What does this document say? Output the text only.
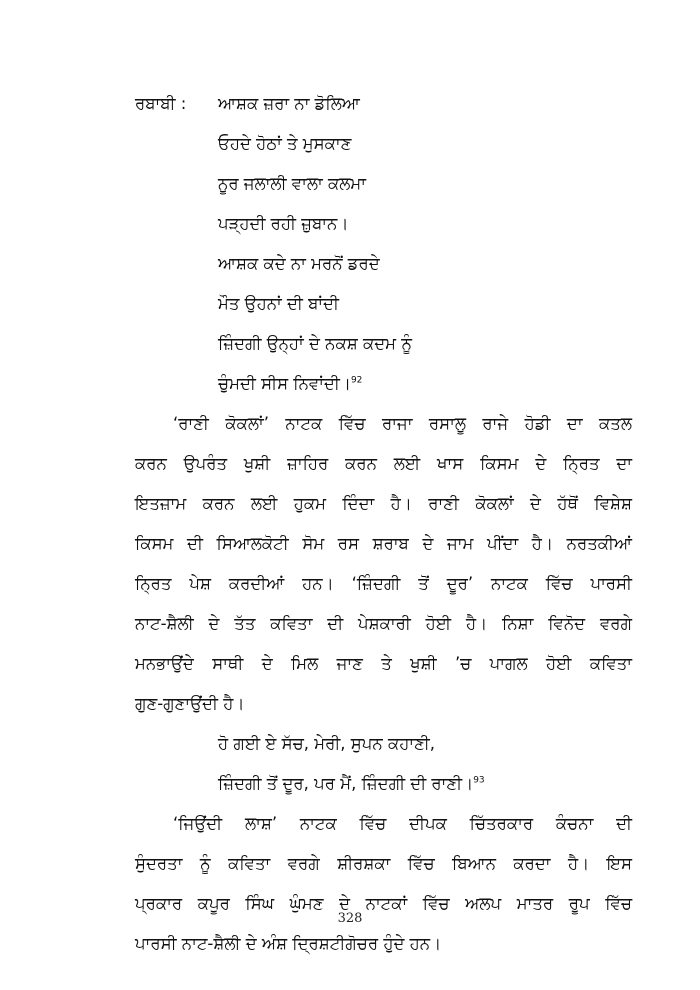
ਰਬਾਬੀ : ਆਸ਼ਕ ਜ਼ਰਾ ਨਾ ਡੋਲਿਆ
ਓਹਦੇ ਹੋਠਾਂ ਤੇ ਮੁਸਕਾਣ
ਨੂਰ ਜਲਾਲੀ ਵਾਲਾ ਕਲਮਾ
ਪੜ੍ਹਦੀ ਰਹੀ ਜ਼ੁਬਾਨ।
ਆਸ਼ਕ ਕਦੇ ਨਾ ਮਰਨੋਂ ਡਰਦੇ
ਮੌਤ ਉਹਨਾਂ ਦੀ ਬਾਂਦੀ
ਜ਼ਿੰਦਗੀ ਉਨ੍ਹਾਂ ਦੇ ਨਕਸ਼ ਕਦਮ ਨੂੰ
ਚੁੰਮਦੀ ਸੀਸ ਨਿਵਾਂਦੀ।$^{92}$
‘ਰਾਣੀ ਕੋਕਲਾਂ’ ਨਾਟਕ ਵਿੱਚ ਰਾਜਾ ਰਸਾਲੂ ਰਾਜੇ ਹੋਡੀ ਦਾ ਕਤਲ
ਕਰਨ ਉਪਰੰਤ ਖੁਸ਼ੀ ਜ਼ਾਹਿਰ ਕਰਨ ਲਈ ਖਾਸ ਕਿਸਮ ਦੇ ਨ੍ਰਿਤ ਦਾ
ਇਤਜ਼ਾਮ ਕਰਨ ਲਈ ਹੁਕਮ ਦਿੰਦਾ ਹੈ। ਰਾਣੀ ਕੋਕਲਾਂ ਦੇ ਹੱਥੋਂ ਵਿਸ਼ੇਸ਼
ਕਿਸਮ ਦੀ ਸਿਆਲਕੋਟੀ ਸੋਮ ਰਸ ਸ਼ਰਾਬ ਦੇ ਜਾਮ ਪੀਂਦਾ ਹੈ। ਨਰਤਕੀਆਂ
ਨ੍ਰਿਤ ਪੇਸ਼ ਕਰਦੀਆਂ ਹਨ। ‘ਜ਼ਿੰਦਗੀ ਤੋਂ ਦੂਰ’ ਨਾਟਕ ਵਿੱਚ ਪਾਰਸੀ
ਨਾਟ-ਸ਼ੈਲੀ ਦੇ ਤੱਤ ਕਵਿਤਾ ਦੀ ਪੇਸ਼ਕਾਰੀ ਹੋਈ ਹੈ। ਨਿਸ਼ਾ ਵਿਨੋਦ ਵਰਗੇ
ਮਨਭਾਉਂਦੇ ਸਾਥੀ ਦੇ ਮਿਲ ਜਾਣ ਤੇ ਖੁਸ਼ੀ ’ਚ ਪਾਗਲ ਹੋਈ ਕਵਿਤਾ
ਗੁਣ-ਗੁਣਾਉਂਦੀ ਹੈ।
ਹੋ ਗਈ ਏ ਸੱਚ, ਮੇਰੀ, ਸੁਪਨ ਕਹਾਣੀ,
ਜ਼ਿੰਦਗੀ ਤੋਂ ਦੂਰ, ਪਰ ਮੈਂ, ਜ਼ਿੰਦਗੀ ਦੀ ਰਾਣੀ।$^{93}$
‘ਜਿਉਂਦੀ ਲਾਸ਼’ ਨਾਟਕ ਵਿੱਚ ਦੀਪਕ ਚਿੱਤਰਕਾਰ ਕੰਚਨਾ ਦੀ
ਸੁੰਦਰਤਾ ਨੂੰ ਕਵਿਤਾ ਵਰਗੇ ਸ਼ੀਰਸ਼ਕਾ ਵਿੱਚ ਬਿਆਨ ਕਰਦਾ ਹੈ। ਇਸ
ਪ੍ਰਕਾਰ ਕਪੂਰ ਸਿੰਘ ਘੁੰਮਣ ਦੇ ਨਾਟਕਾਂ ਵਿੱਚ ਅਲਪ ਮਾਤਰ ਰੂਪ ਵਿੱਚ
ਪਾਰਸੀ ਨਾਟ-ਸ਼ੈਲੀ ਦੇ ਅੰਸ਼ ਦ੍ਰਿਸ਼ਟੀਗੋਚਰ ਹੁੰਦੇ ਹਨ।
328
